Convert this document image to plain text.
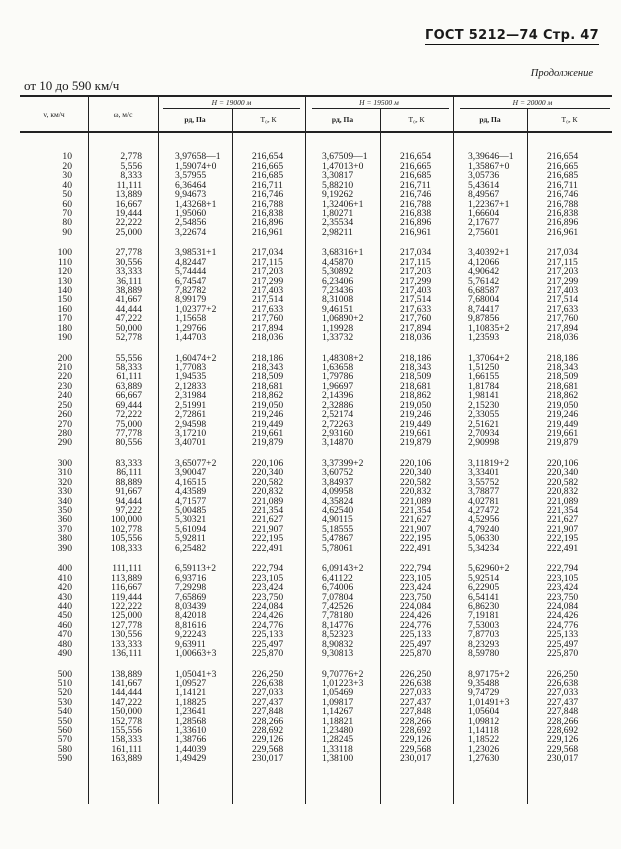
ГОСТ 5212—74 Стр. 47
Продолжение
от 10 до 590 км/ч
v, км/ч	ω, м/с
H = 19000 м	H = 19500 м	H = 20000 м
pд, Па	T₀, К	pд, Па	T₀, К	pд, Па	T₀, К
10	2,778	3,97658—1	216,654	3,67509—1	216,654	3,39646—1	216,654
20	5,556	1,59074+0	216,665	1,47013+0	216,665	1,35867+0	216,665
30	8,333	3,57955	216,685	3,30817	216,685	3,05736	216,685
40	11,111	6,36464	216,711	5,88210	216,711	5,43614	216,711
50	13,889	9,94673	216,746	9,19262	216,746	8,49567	216,746
60	16,667	1,43268+1	216,788	1,32406+1	216,788	1,22367+1	216,788
70	19,444	1,95060	216,838	1,80271	216,838	1,66604	216,838
80	22,222	2,54856	216,896	2,35534	216,896	2,17677	216,896
90	25,000	3,22674	216,961	2,98211	216,961	2,75601	216,961
100	27,778	3,98531+1	217,034	3,68316+1	217,034	3,40392+1	217,034
110	30,556	4,82447	217,115	4,45870	217,115	4,12066	217,115
120	33,333	5,74444	217,203	5,30892	217,203	4,90642	217,203
130	36,111	6,74547	217,299	6,23406	217,299	5,76142	217,299
140	38,889	7,82782	217,403	7,23436	217,403	6,68587	217,403
150	41,667	8,99179	217,514	8,31008	217,514	7,68004	217,514
160	44,444	1,02377+2	217,633	9,46151	217,633	8,74417	217,633
170	47,222	1,15658	217,760	1,06890+2	217,760	9,87856	217,760
180	50,000	1,29766	217,894	1,19928	217,894	1,10835+2	217,894
190	52,778	1,44703	218,036	1,33732	218,036	1,23593	218,036
200	55,556	1,60474+2	218,186	1,48308+2	218,186	1,37064+2	218,186
210	58,333	1,77083	218,343	1,63658	218,343	1,51250	218,343
220	61,111	1,94535	218,509	1,79786	218,509	1,66155	218,509
230	63,889	2,12833	218,681	1,96697	218,681	1,81784	218,681
240	66,667	2,31984	218,862	2,14396	218,862	1,98141	218,862
250	69,444	2,51991	219,050	2,32886	219,050	2,15230	219,050
260	72,222	2,72861	219,246	2,52174	219,246	2,33055	219,246
270	75,000	2,94598	219,449	2,72263	219,449	2,51621	219,449
280	77,778	3,17210	219,661	2,93160	219,661	2,70934	219,661
290	80,556	3,40701	219,879	3,14870	219,879	2,90998	219,879
300	83,333	3,65077+2	220,106	3,37399+2	220,106	3,11819+2	220,106
310	86,111	3,90047	220,340	3,60752	220,340	3,33401	220,340
320	88,889	4,16515	220,582	3,84937	220,582	3,55752	220,582
330	91,667	4,43589	220,832	4,09958	220,832	3,78877	220,832
340	94,444	4,71577	221,089	4,35824	221,089	4,02781	221,089
350	97,222	5,00485	221,354	4,62540	221,354	4,27472	221,354
360	100,000	5,30321	221,627	4,90115	221,627	4,52956	221,627
370	102,778	5,61094	221,907	5,18555	221,907	4,79240	221,907
380	105,556	5,92811	222,195	5,47867	222,195	5,06330	222,195
390	108,333	6,25482	222,491	5,78061	222,491	5,34234	222,491
400	111,111	6,59113+2	222,794	6,09143+2	222,794	5,62960+2	222,794
410	113,889	6,93716	223,105	6,41122	223,105	5,92514	223,105
420	116,667	7,29298	223,424	6,74006	223,424	6,22905	223,424
430	119,444	7,65869	223,750	7,07804	223,750	6,54141	223,750
440	122,222	8,03439	224,084	7,42526	224,084	6,86230	224,084
450	125,000	8,42018	224,426	7,78180	224,426	7,19181	224,426
460	127,778	8,81616	224,776	8,14776	224,776	7,53003	224,776
470	130,556	9,22243	225,133	8,52323	225,133	7,87703	225,133
480	133,333	9,63911	225,497	8,90832	225,497	8,23293	225,497
490	136,111	1,00663+3	225,870	9,30813	225,870	8,59780	225,870
500	138,889	1,05041+3	226,250	9,70776+2	226,250	8,97175+2	226,250
510	141,667	1,09527	226,638	1,01223+3	226,638	9,35488	226,638
520	144,444	1,14121	227,033	1,05469	227,033	9,74729	227,033
530	147,222	1,18825	227,437	1,09817	227,437	1,01491+3	227,437
540	150,000	1,23641	227,848	1,14267	227,848	1,05604	227,848
550	152,778	1,28568	228,266	1,18821	228,266	1,09812	228,266
560	155,556	1,33610	228,692	1,23480	228,692	1,14118	228,692
570	158,333	1,38766	229,126	1,28245	229,126	1,18522	229,126
580	161,111	1,44039	229,568	1,33118	229,568	1,23026	229,568
590	163,889	1,49429	230,017	1,38100	230,017	1,27630	230,017
